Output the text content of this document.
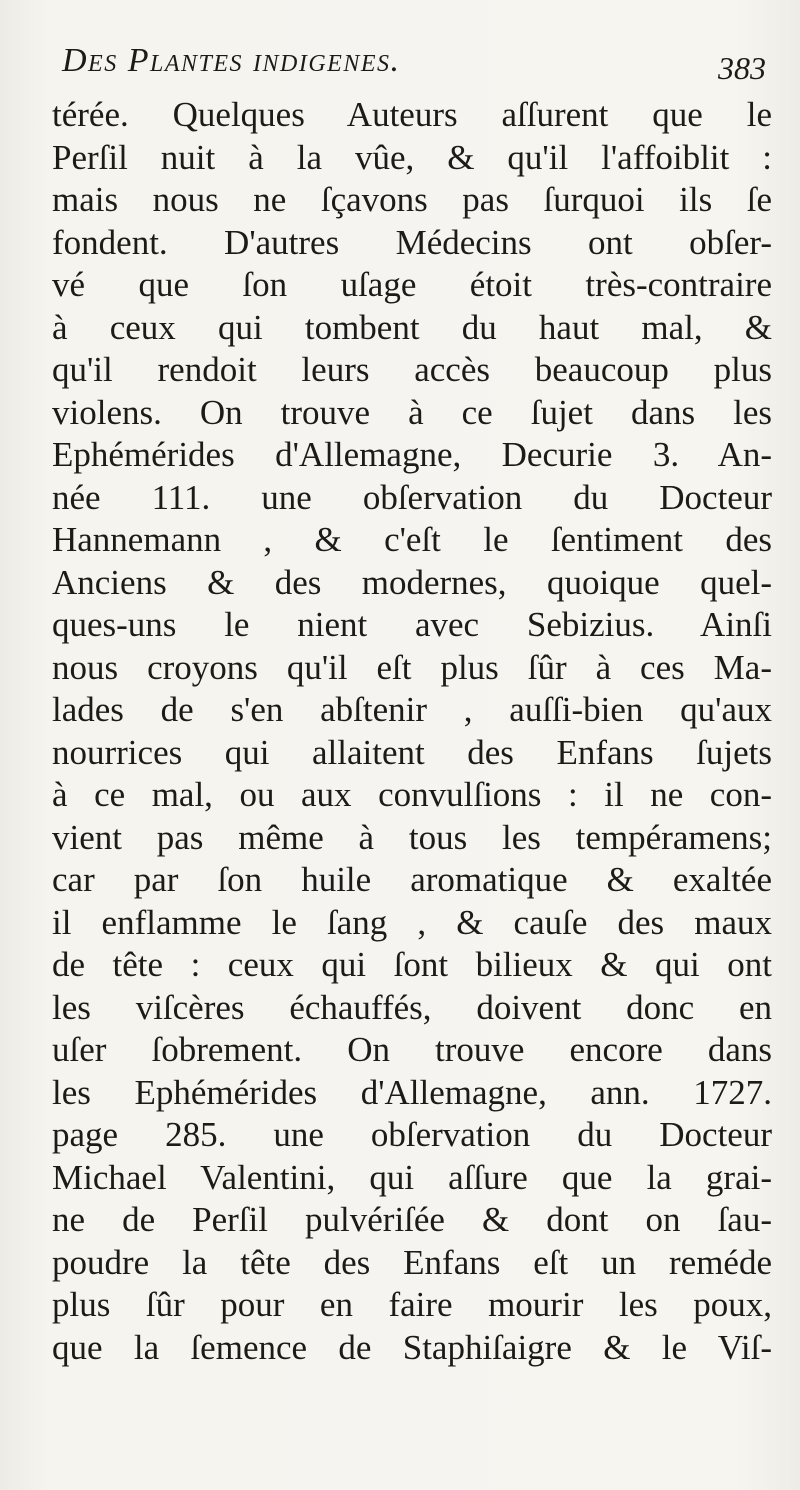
Des Plantes indigenes.	383
térée. Quelques Auteurs aſſurent que le
Perſil nuit à la vûe, & qu'il l'affoiblit :
mais nous ne ſçavons pas ſurquoi ils ſe
fondent. D'autres Médecins ont obſer-
vé que ſon uſage étoit très-contraire
à ceux qui tombent du haut mal, &
qu'il rendoit leurs accès beaucoup plus
violens. On trouve à ce ſujet dans les
Ephémérides d'Allemagne, Decurie 3. An-
née 111. une obſervation du Docteur
Hannemann , & c'eſt le ſentiment des
Anciens & des modernes, quoique quel-
ques-uns le nient avec Sebizius. Ainſi
nous croyons qu'il eſt plus ſûr à ces Ma-
lades de s'en abſtenir , auſſi-bien qu'aux
nourrices qui allaitent des Enfans ſujets
à ce mal, ou aux convulſions : il ne con-
vient pas même à tous les tempéramens;
car par ſon huile aromatique & exaltée
il enflamme le ſang , & cauſe des maux
de tête : ceux qui ſont bilieux & qui ont
les viſcères échauffés, doivent donc en
uſer ſobrement. On trouve encore dans
les Ephémérides d'Allemagne, ann. 1727.
page 285. une obſervation du Docteur
Michael Valentini, qui aſſure que la grai-
ne de Perſil pulvériſée & dont on ſau-
poudre la tête des Enfans eſt un reméde
plus ſûr pour en faire mourir les poux,
que la ſemence de Staphiſaigre & le Viſ-
